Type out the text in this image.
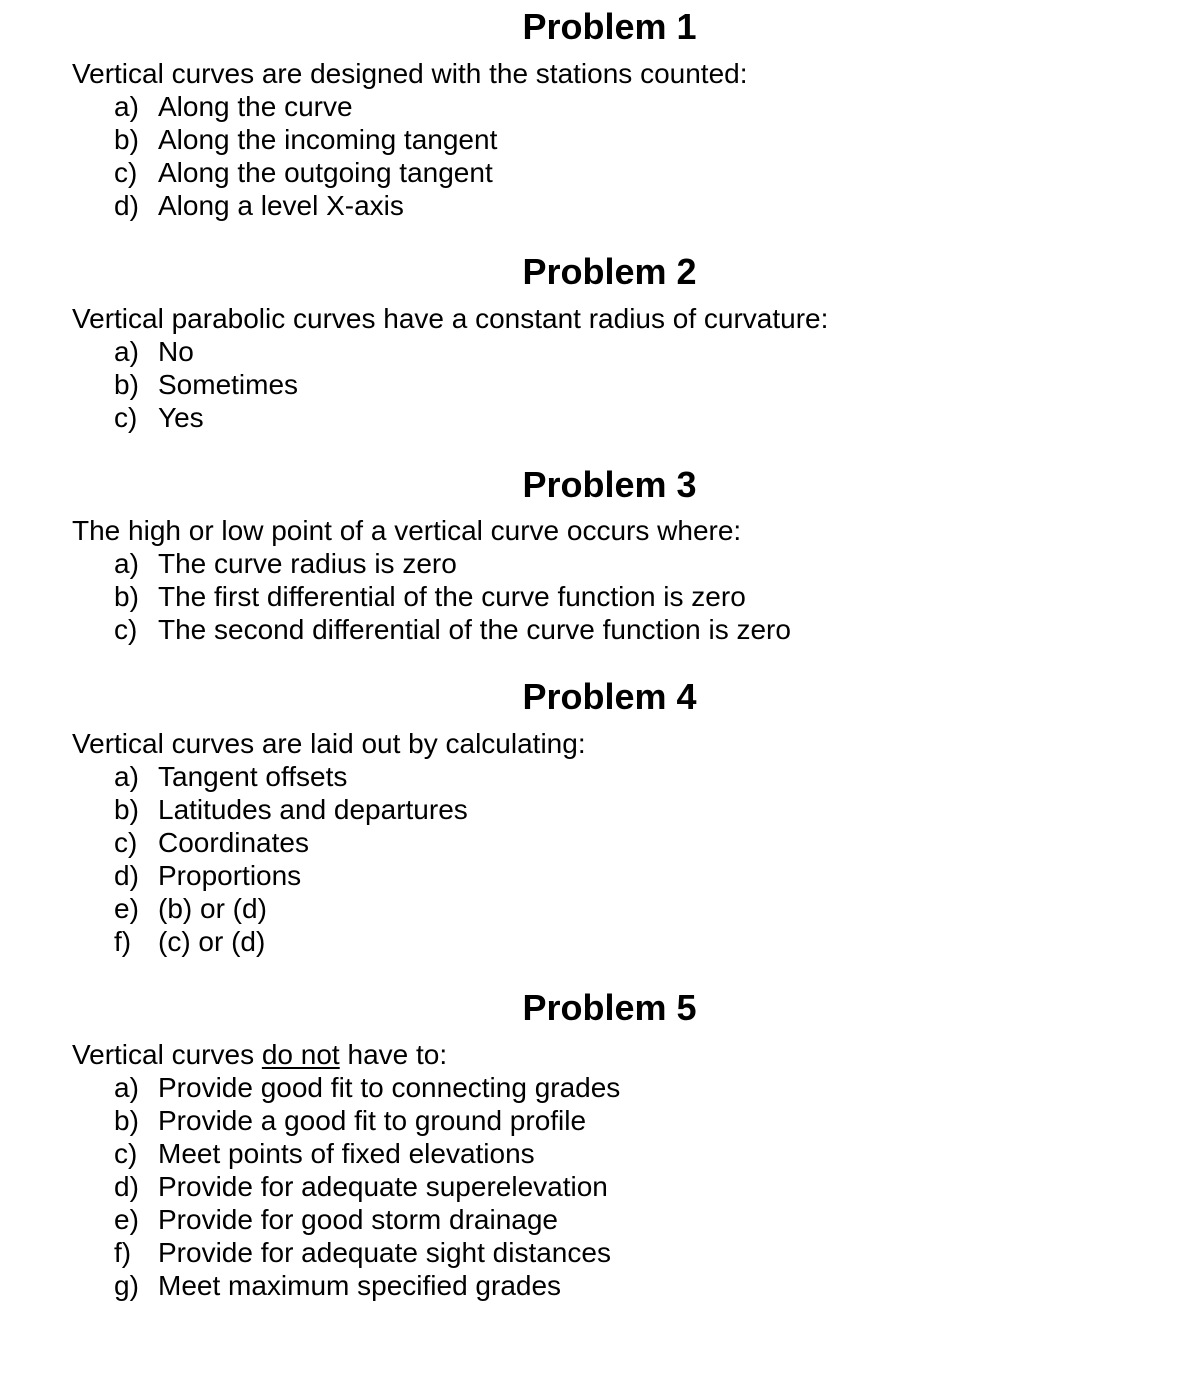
Problem 1

Vertical curves are designed with the stations counted:

a) Along the curve
b) Along the incoming tangent
c) Along the outgoing tangent
d) Along a level X-axis
Problem 2

Vertical parabolic curves have a constant radius of curvature:

a) No
b) Sometimes
c) Yes
Problem 3

The high or low point of a vertical curve occurs where:

a) The curve radius is zero
b) The first differential of the curve function is zero
c) The second differential of the curve function is zero
Problem 4

Vertical curves are laid out by calculating:

a) Tangent offsets
b) Latitudes and departures
c) Coordinates
d) Proportions
e) (b) or (d)
f) (c) or (d)
Problem 5

Vertical curves do not have to:

a) Provide good fit to connecting grades
b) Provide a good fit to ground profile
c) Meet points of fixed elevations
d) Provide for adequate superelevation
e) Provide for good storm drainage
f) Provide for adequate sight distances
g) Meet maximum specified grades
